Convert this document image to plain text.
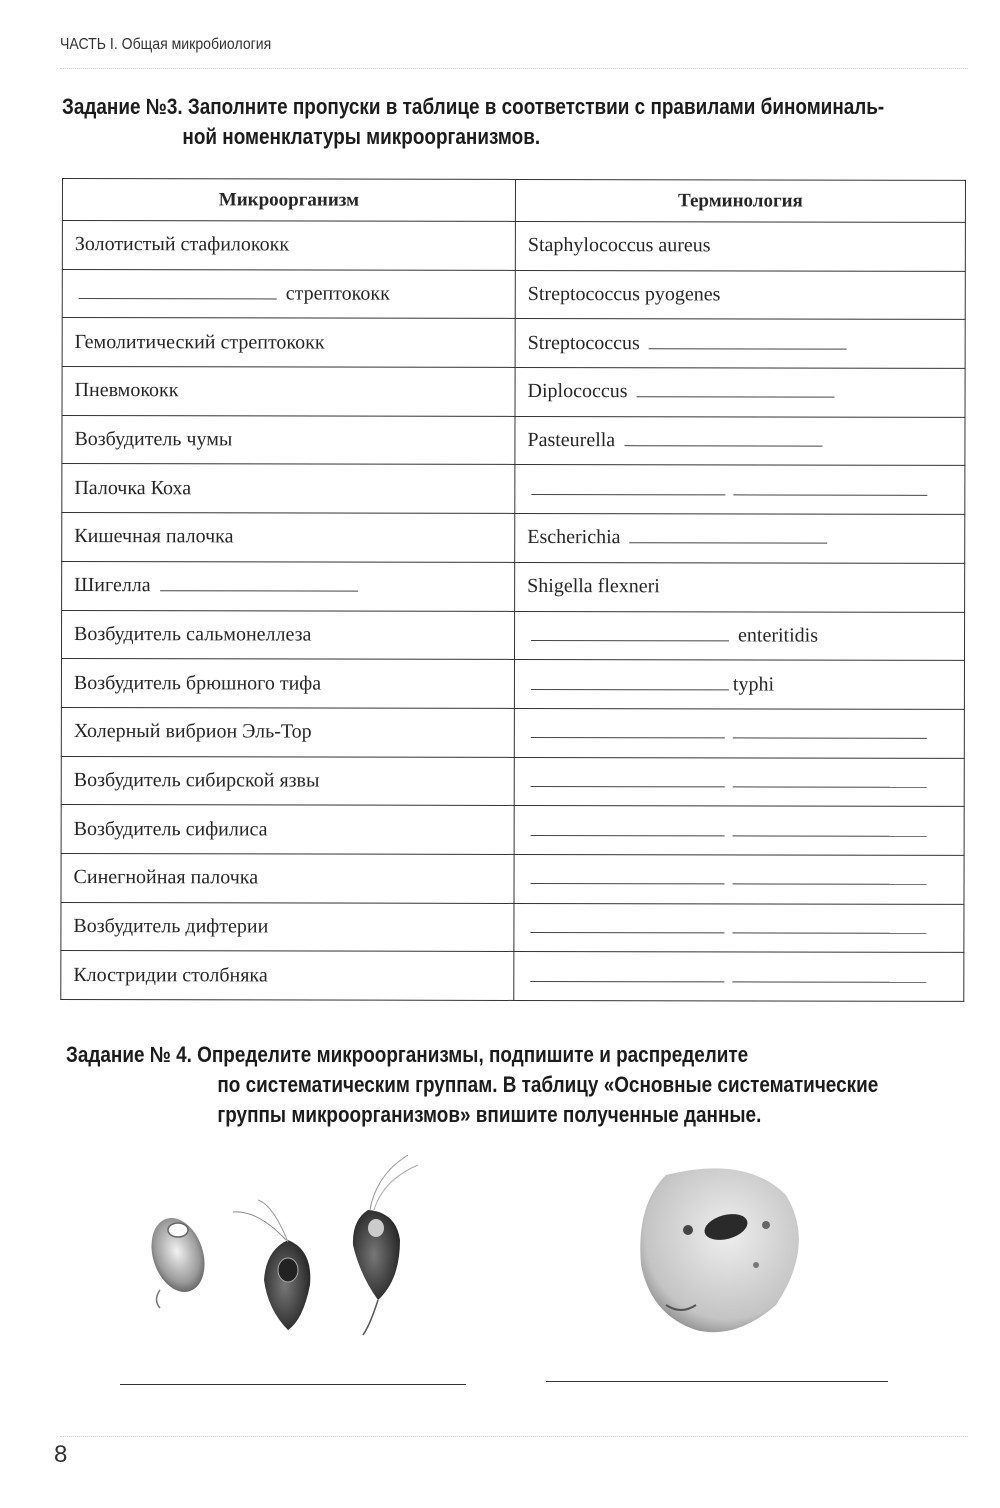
ЧАСТЬ I. Общая микробиология
Задание №3. Заполните пропуски в таблице в соответствии с правилами биноминаль-
ной номенклатуры микроорганизмов.
Микроорганизм	Терминология
Золотистый стафилококк	Staphylococcus aureus
стрептококк	Streptococcus pyogenes
Гемолитический стрептококк	Streptococcus
Пневмококк	Diplococcus
Возбудитель чумы	Pasteurella
Палочка Коха	
Кишечная палочка	Escherichia
Шигелла	Shigella flexneri
Возбудитель сальмонеллеза	enteritidis
Возбудитель брюшного тифа	typhi
Холерный вибрион Эль-Тор	
Возбудитель сибирской язвы	
Возбудитель сифилиса	
Синегнойная палочка	
Возбудитель дифтерии	
Клостридии столбняка	
Задание № 4. Определите микроорганизмы, подпишите и распределите
по систематическим группам. В таблицу «Основные систематические
группы микроорганизмов» впишите полученные данные.
8
